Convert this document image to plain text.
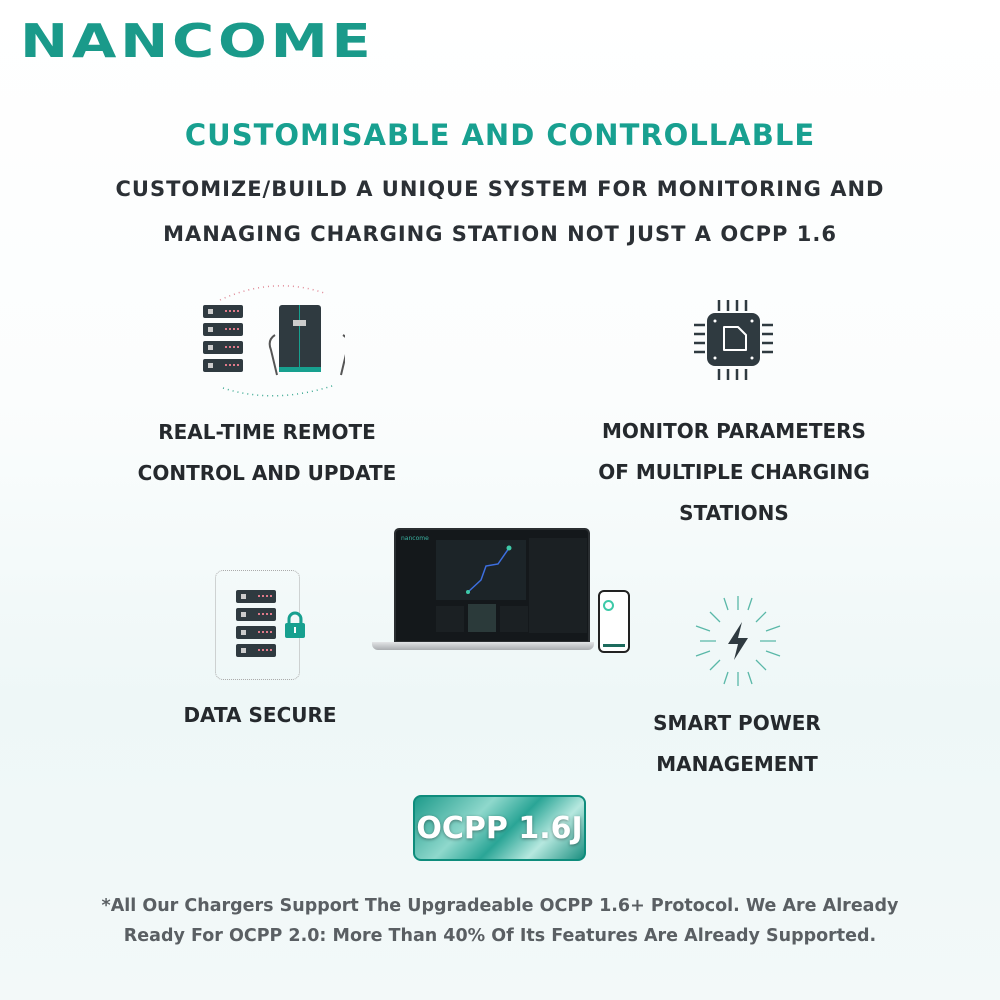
NANCOME
CUSTOMISABLE AND CONTROLLABLE
CUSTOMIZE/BUILD A UNIQUE SYSTEM FOR MONITORING AND
MANAGING CHARGING STATION NOT JUST A OCPP 1.6
REAL-TIME REMOTE
CONTROL AND UPDATE
MONITOR PARAMETERS
OF MULTIPLE CHARGING
STATIONS
nancome
DATA SECURE	SMART POWER
MANAGEMENT
OCPP 1.6J
*All Our Chargers Support The Upgradeable OCPP 1.6+ Protocol. We Are Already
Ready For OCPP 2.0: More Than 40% Of Its Features Are Already Supported.
